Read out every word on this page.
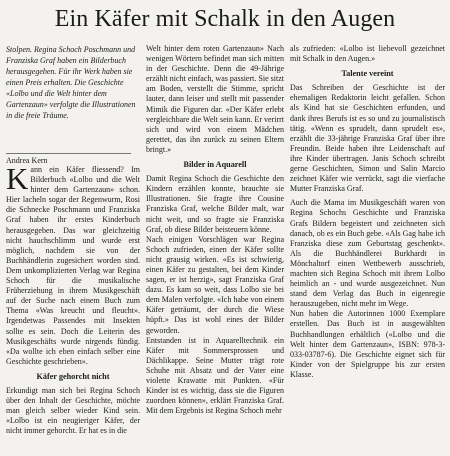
Ein Käfer mit Schalk in den Augen

Stolpen. Regina Schoch Poschmann und Franziska Graf haben ein Bilderbuch herausgegeben. Für ihr Werk haben sie einen Preis erhalten. Die Geschichte «Lolbo und die Welt hinter dem Gartenzaun» verfolgte die Illustrationen in die freie Träume.

Andrea Kern

Kann ein Käfer fliessend? Im Bilderbuch «Lolbo und die Welt hinter dem Gartenzaun» schon. Hier lacheln sogar der Regenwurm, Rosi die Schnecke Poschmann und Franziska Graf haben ihr erstes Kinderbuch herausgegeben. Das war gleichzeitig nicht hauchschlimm und wurde erst möglich, nachdem sie von der Buchhändlerin zugesichert worden sind. Dem unkomplizierten Verlag war Regina Schoch für die musikalische Früherziehung in ihrem Musikgeschäft auf der Suche nach einem Buch zum Thema «Was kreucht und fleucht». Irgendetwas Passendes mit Insekten sollte es sein. Doch die Leiterin des Musikgeschäfts wurde nirgends fündig. «Da wollte ich eben einfach selber eine Geschichte geschrieben».

Käfer gehorcht nicht

Erkundigt man sich bei Regina Schoch über den Inhalt der Geschichte, möchte man gleich selber wieder Kind sein. «Lolbo ist ein neugieriger Käfer, der nicht immer gehorcht. Er hat es in die

Welt hinter dem roten Gartenzaun» Nach wenigen Wörtern befindet man sich mitten in der Geschichte. Denn die 49-Jährige erzählt nicht einfach, was passiert. Sie sitzt am Boden, verstellt die Stimme, spricht lauter, dann leiser und stellt mit passender Mimik die Figuren dar. «Der Käfer erlebt vergleichbare die Welt sein kann. Er verirrt sich und wird von einem Mädchen gerettet, das ihn zurück zu seinen Eltern bringt.»

Bilder in Aquarell

Damit Regina Schoch die Geschichte den Kindern erzählen konnte, brauchte sie Illustrationen. Sie fragte ihre Cousine Franziska Graf, welche Bilder malt, war nicht weit, und so fragte sie Franziska Graf, ob diese Bilder beisteuern könne.

Nach einigen Vorschlägen war Regina Schoch zufrieden, einen der Käfer sollte nicht grausig wirken. «Es ist schwierig, einen Käfer zu gestalten, bei dem Kinder sagen, er ist herzig», sagt Franziska Graf dazu. Es kam so weit, dass Lolbo sie bei dem Malen verfolgte. «Ich habe von einem Käfer geträumt, der durch die Wiese hüpft.» Das ist wohl eines der Bilder geworden.

Entstanden ist in Aquarelltechnik ein Käfer mit Sommersprossen und Dächlikappe. Seine Mutter trägt rote Schuhe mit Absatz und der Vater eine violette Krawatte mit Punkten. «Für Kinder ist es wichtig, dass sie die Figuren zuordnen können», erklärt Franziska Graf. Mit dem Ergebnis ist Regina Schoch mehr

als zufrieden: «Lolbo ist liebevoll gezeichnet mit Schalk in den Augen.»

Talente vereint

Das Schreiben der Geschichte ist der ehemaligen Redaktorin leicht gefallen. Schon als Kind hat sie Geschichten erfunden, und dank ihres Berufs ist es so und zu journalistisch tätig. «Wenn es sprudelt, dann sprudelt es», erzählt die 33-jährige Franziska Graf über ihre Freundin. Beide haben ihre Leidenschaft auf ihre Kinder übertragen. Janis Schoch schreibt gerne Geschichten, Simon und Salin Marcio zeichnet Käfer wie verrückt, sagt die vierfache Mutter Franziska Graf.

Auch die Mama im Musikgeschäft waren von Regina Schochs Geschichte und Franziska Grafs Bildern begeistert und zeichneten sich danach, ob es ein Buch gebe. «Als Gag habe ich Franziska diese zum Geburtstag geschenkt». Als die Buchhändlerei Burkhardt in Mönchaltorf einen Wettbewerb ausschrieb, machten sich Regina Schoch mit ihrem Lolbo heimlich an - und wurde ausgezeichnet. Nun stand dem Verlag das Buch in eigenregie herauszugeben, nicht mehr im Wege.

Nun haben die Autorinnen 1000 Exemplare erstellen. Das Buch ist in ausgewählten Buchhandlungen erhältlich («Lolbo und die Welt hinter dem Gartenzaun», ISBN: 978-3-033-03787-6). Die Geschichte eignet sich für Kinder von der Spielgruppe bis zur ersten Klasse.
